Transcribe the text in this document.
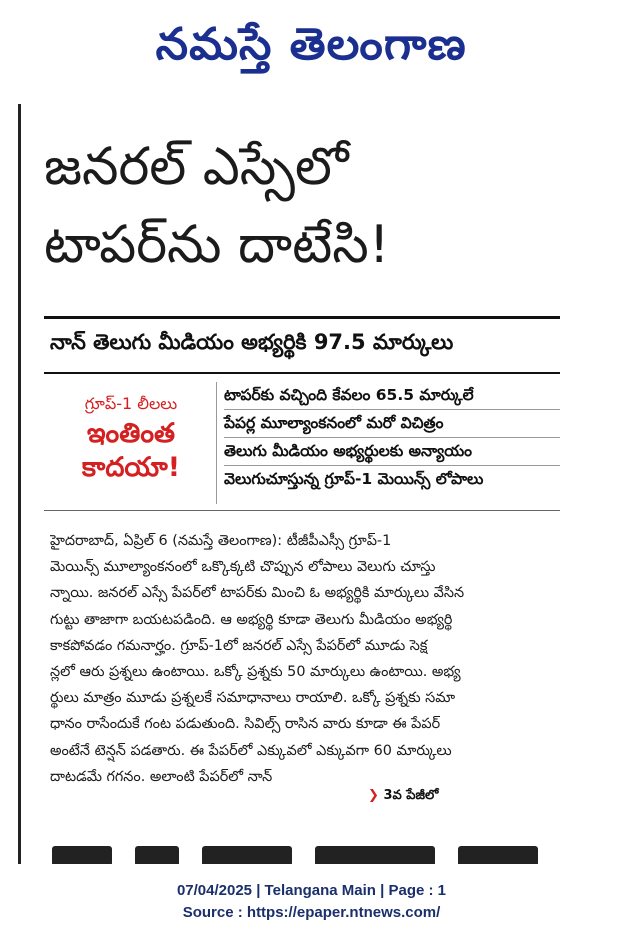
నమస్తే తెలంగాణ
జనరల్ ఎస్సేలో
టాపర్‌ను దాటేసి!
నాన్ తెలుగు మీడియం అభ్యర్థికి 97.5 మార్కులు
గ్రూప్‌-1 లీలలు
ఇంతింత
కాదయా!
టాపర్‌కు వచ్చింది కేవలం 65.5 మార్కులే
పేపర్ల మూల్యాంకనంలో మరో విచిత్రం
తెలుగు మీడియం అభ్యర్థులకు అన్యాయం
వెలుగుచూస్తున్న గ్రూప్‌-1 మెయిన్స్ లోపాలు
హైదరాబాద్, ఏప్రిల్ 6 (నమస్తే తెలంగాణ): టీజీపీఎస్సీ గ్రూప్‌-1
మెయిన్స్ మూల్యాంకనంలో ఒక్కొక్కటి చొప్పున లోపాలు వెలుగు చూస్తు
న్నాయి. జనరల్ ఎస్సే పేపర్‌లో టాపర్‌కు మించి ఓ అభ్యర్థికి మార్కులు వేసిన
గుట్టు తాజాగా బయటపడింది. ఆ అభ్యర్థి కూడా తెలుగు మీడియం అభ్యర్థి
కాకపోవడం గమనార్హం. గ్రూప్‌-1లో జనరల్ ఎస్సే పేపర్‌లో మూడు సెక్ష
న్లలో ఆరు ప్రశ్నలు ఉంటాయి. ఒక్కో ప్రశ్నకు 50 మార్కులు ఉంటాయి. అభ్య
ర్థులు మాత్రం మూడు ప్రశ్నలకే సమాధానాలు రాయాలి. ఒక్కో ప్రశ్నకు సమా
ధానం రాసేందుకే గంట పడుతుంది. సివిల్స్ రాసిన వారు కూడా ఈ పేపర్
అంటేనే టెన్షన్ పడతారు. ఈ పేపర్‌లో ఎక్కువలో ఎక్కువగా 60 మార్కులు
దాటడమే గగనం. అలాంటి పేపర్‌లో నాన్
❯ 3వ పేజీలో

07/04/2025 | Telangana Main | Page : 1
Source : https://epaper.ntnews.com/
